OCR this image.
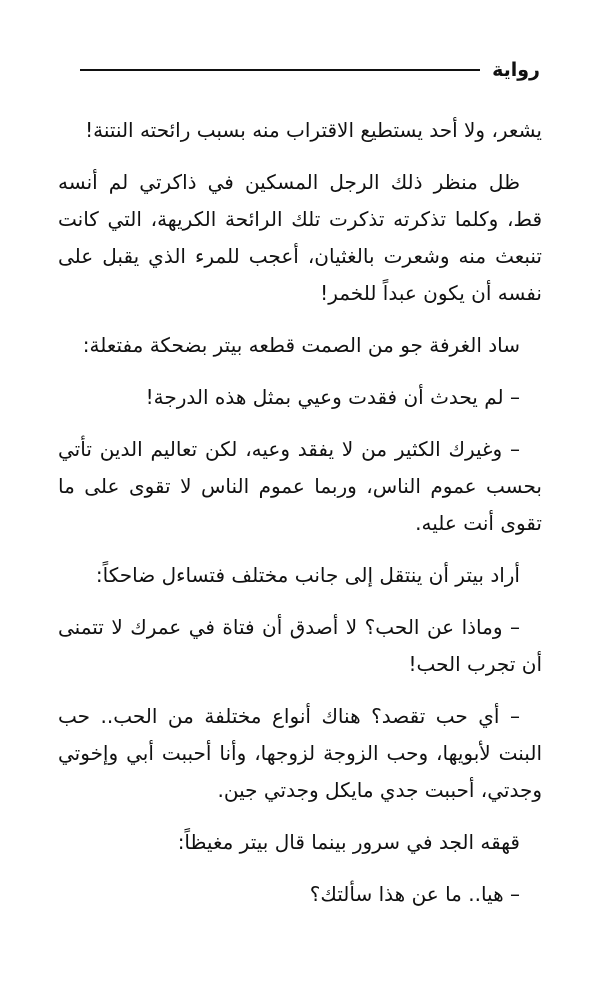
رواية

يشعر، ولا أحد يستطيع الاقتراب منه بسبب رائحته النتنة!

ظل منظر ذلك الرجل المسكين في ذاكرتي لم أنسه قط، وكلما تذكرته تذكرت تلك الرائحة الكريهة، التي كانت تنبعث منه وشعرت بالغثيان، أعجب للمرء الذي يقبل على نفسه أن يكون عبداً للخمر!

ساد الغرفة جو من الصمت قطعه بيتر بضحكة مفتعلة:

– لم يحدث أن فقدت وعيي بمثل هذه الدرجة!

– وغيرك الكثير من لا يفقد وعيه، لكن تعاليم الدين تأتي بحسب عموم الناس، وربما عموم الناس لا تقوى على ما تقوى أنت عليه.

أراد بيتر أن ينتقل إلى جانب مختلف فتساءل ضاحكاً:

– وماذا عن الحب؟ لا أصدق أن فتاة في عمرك لا تتمنى أن تجرب الحب!

– أي حب تقصد؟ هناك أنواع مختلفة من الحب.. حب البنت لأبويها، وحب الزوجة لزوجها، وأنا أحببت أبي وإخوتي وجدتي، أحببت جدي مايكل وجدتي جين.

قهقه الجد في سرور بينما قال بيتر مغيظاً:

– هيا.. ما عن هذا سألتك؟
